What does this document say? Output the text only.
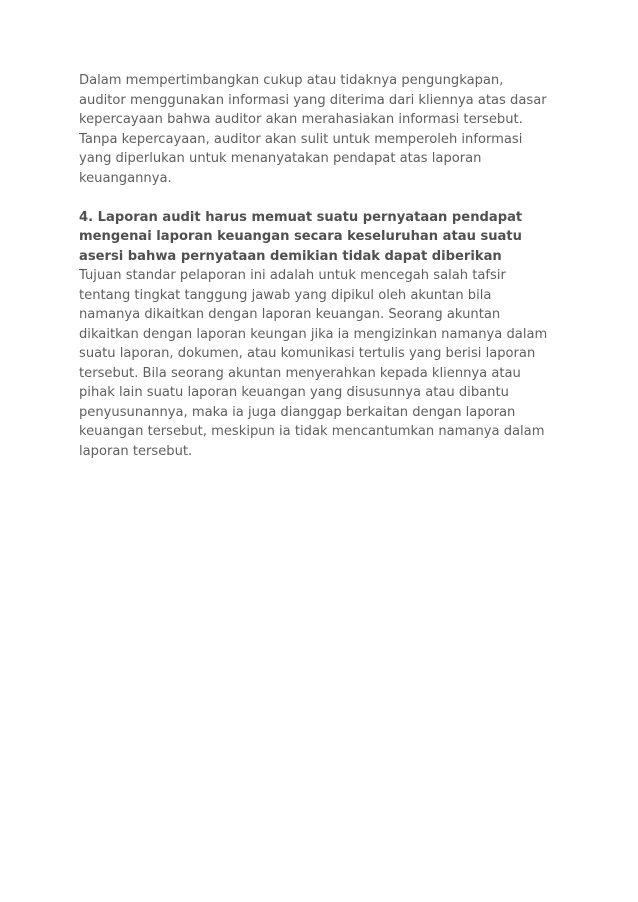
Dalam mempertimbangkan cukup atau tidaknya pengungkapan,
auditor menggunakan informasi yang diterima dari kliennya atas dasar
kepercayaan bahwa auditor akan merahasiakan informasi tersebut.
Tanpa kepercayaan, auditor akan sulit untuk memperoleh informasi
yang diperlukan untuk menanyatakan pendapat atas laporan
keuangannya.
4. Laporan audit harus memuat suatu pernyataan pendapat
mengenai laporan keuangan secara keseluruhan atau suatu
asersi bahwa pernyataan demikian tidak dapat diberikan
Tujuan standar pelaporan ini adalah untuk mencegah salah tafsir
tentang tingkat tanggung jawab yang dipikul oleh akuntan bila
namanya dikaitkan dengan laporan keuangan. Seorang akuntan
dikaitkan dengan laporan keungan jika ia mengizinkan namanya dalam
suatu laporan, dokumen, atau komunikasi tertulis yang berisi laporan
tersebut. Bila seorang akuntan menyerahkan kepada kliennya atau
pihak lain suatu laporan keuangan yang disusunnya atau dibantu
penyusunannya, maka ia juga dianggap berkaitan dengan laporan
keuangan tersebut, meskipun ia tidak mencantumkan namanya dalam
laporan tersebut.
